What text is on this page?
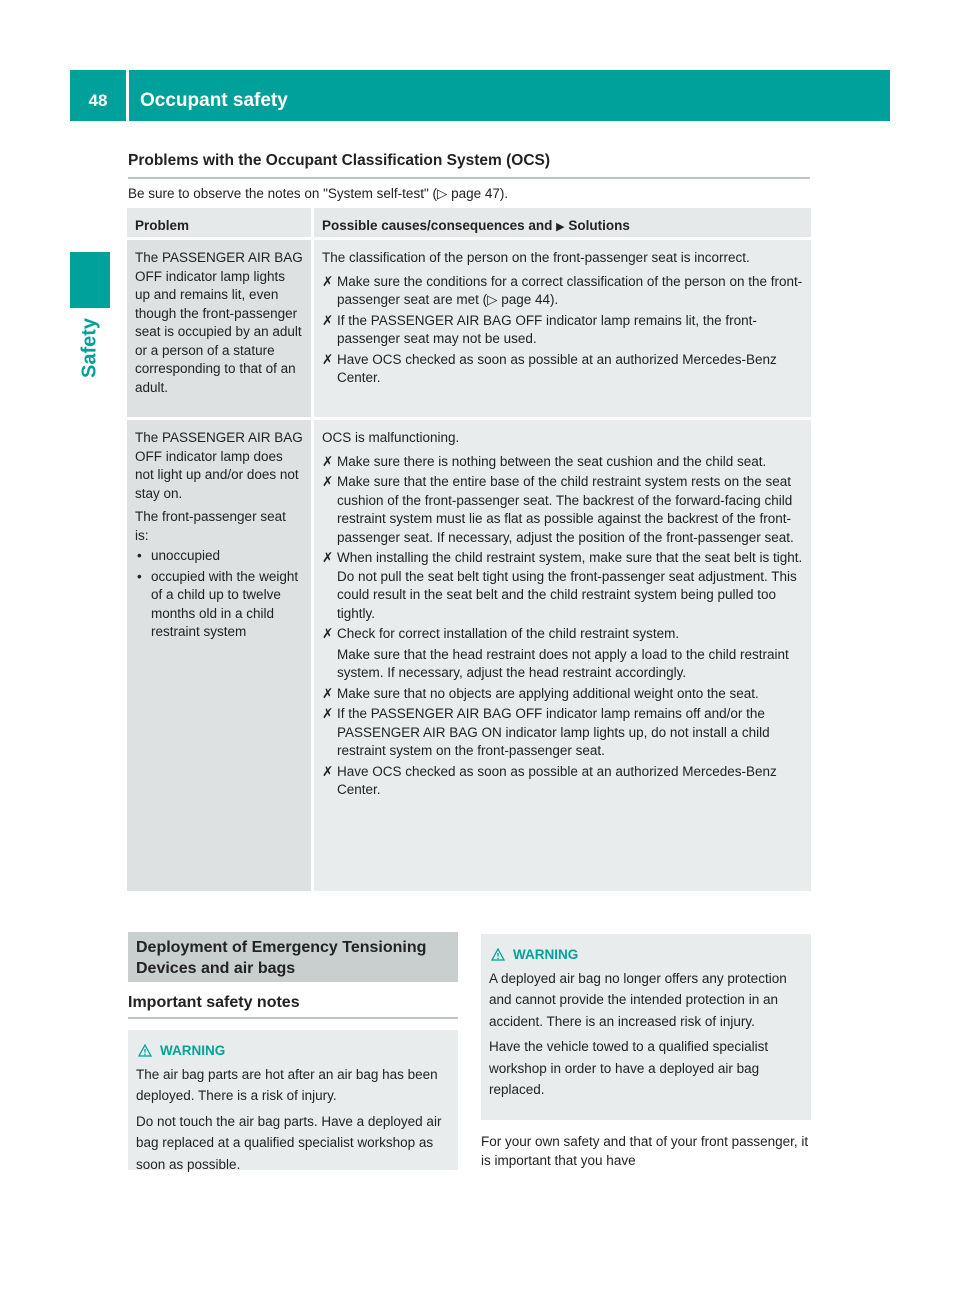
48	Occupant safety
Safety
Problems with the Occupant Classification System (OCS)
Be sure to observe the notes on "System self-test" (▷ page 47).
Problem	Possible causes/consequences and ▶ Solutions
The PASSENGER AIR BAG OFF indicator lamp lights up and remains lit, even though the front-passenger seat is occupied by an adult or a person of a stature corresponding to that of an adult.
The classification of the person on the front-passenger seat is incorrect.
✗ Make sure the conditions for a correct classification of the person on the front-passenger seat are met (▷ page 44).
✗ If the PASSENGER AIR BAG OFF indicator lamp remains lit, the front-passenger seat may not be used.
✗ Have OCS checked as soon as possible at an authorized Mercedes-Benz Center.
The PASSENGER AIR BAG OFF indicator lamp does not light up and/or does not stay on.
The front-passenger seat is:
• unoccupied
• occupied with the weight of a child up to twelve months old in a child restraint system
OCS is malfunctioning.
✗ Make sure there is nothing between the seat cushion and the child seat.
✗ Make sure that the entire base of the child restraint system rests on the seat cushion of the front-passenger seat. The backrest of the forward-facing child restraint system must lie as flat as possible against the backrest of the front-passenger seat. If necessary, adjust the position of the front-passenger seat.
✗ When installing the child restraint system, make sure that the seat belt is tight. Do not pull the seat belt tight using the front-passenger seat adjustment. This could result in the seat belt and the child restraint system being pulled too tightly.
✗ Check for correct installation of the child restraint system.
Make sure that the head restraint does not apply a load to the child restraint system. If necessary, adjust the head restraint accordingly.
✗ Make sure that no objects are applying additional weight onto the seat.
✗ If the PASSENGER AIR BAG OFF indicator lamp remains off and/or the PASSENGER AIR BAG ON indicator lamp lights up, do not install a child restraint system on the front-passenger seat.
✗ Have OCS checked as soon as possible at an authorized Mercedes-Benz Center.
Deployment of Emergency Tensioning Devices and air bags
Important safety notes
WARNING

The air bag parts are hot after an air bag has been deployed. There is a risk of injury.

Do not touch the air bag parts. Have a deployed air bag replaced at a qualified specialist workshop as soon as possible.

WARNING

A deployed air bag no longer offers any protection and cannot provide the intended protection in an accident. There is an increased risk of injury.

Have the vehicle towed to a qualified specialist workshop in order to have a deployed air bag replaced.

For your own safety and that of your front passenger, it is important that you have
